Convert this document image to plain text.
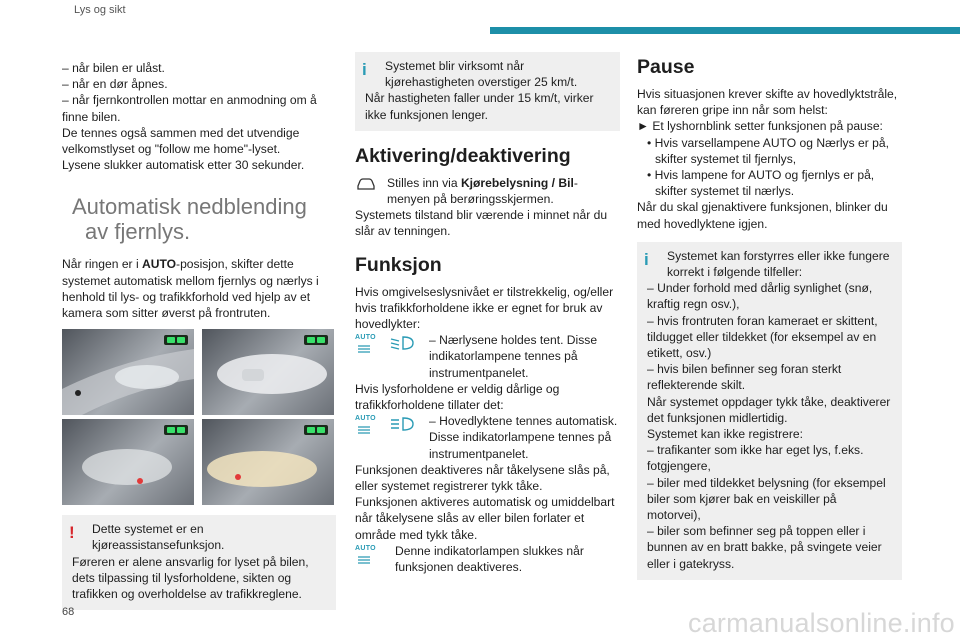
Lys og sikt

– når bilen er ulåst.

– når en dør åpnes.

– når fjernkontrollen mottar en anmodning om å finne bilen.

De tennes også sammen med det utvendige velkomstlyset og "follow me home"-lyset.

Lysene slukker automatisk etter 30 sekunder.

Automatisk nedblending
av fjernlys.

Når ringen er i AUTO-posisjon, skifter dette systemet automatisk mellom fjernlys og nærlys i henhold til lys- og trafikkforhold ved hjelp av et kamera som sitter øverst på frontruten.

!	Dette systemet er en kjøreassistansefunksjon.

Føreren er alene ansvarlig for lyset på bilen, dets tilpassing til lysforholdene, sikten og trafikken og overholdelse av trafikkreglene.

i	Systemet blir virksomt når kjørehastigheten overstiger 25 km/t.

Når hastigheten faller under 15 km/t, virker ikke funksjonen lenger.

Aktivering/deaktivering

Stilles inn via Kjørebelysning / Bil-menyen på berøringsskjermen.

Systemets tilstand blir værende i minnet når du slår av tenningen.

Funksjon

Hvis omgivelseslysnivået er tilstrekkelig, og/eller hvis trafikkforholdene ikke er egnet for bruk av hovedlykter:

AUTO	– Nærlysene holdes tent. Disse indikatorlampene tennes på instrumentpanelet.

Hvis lysforholdene er veldig dårlige og trafikkforholdene tillater det:

AUTO	– Hovedlyktene tennes automatisk. Disse indikatorlampene tennes på instrumentpanelet.

Funksjonen deaktiveres når tåkelysene slås på, eller systemet registrerer tykk tåke.

Funksjonen aktiveres automatisk og umiddelbart når tåkelysene slås av eller bilen forlater et område med tykk tåke.

AUTO	Denne indikatorlampen slukkes når funksjonen deaktiveres.

Pause

Hvis situasjonen krever skifte av hovedlyktstråle, kan føreren gripe inn når som helst:

► Et lyshornblink setter funksjonen på pause:

• Hvis varsellampene AUTO og Nærlys er på, skifter systemet til fjernlys,

• Hvis lampene for AUTO og fjernlys er på, skifter systemet til nærlys.

Når du skal gjenaktivere funksjonen, blinker du med hovedlyktene igjen.

i	Systemet kan forstyrres eller ikke fungere korrekt i følgende tilfeller:

– Under forhold med dårlig synlighet (snø, kraftig regn osv.),

– hvis frontruten foran kameraet er skittent, tildugget eller tildekket (for eksempel av en etikett, osv.)

– hvis bilen befinner seg foran sterkt reflekterende skilt.

Når systemet oppdager tykk tåke, deaktiverer det funksjonen midlertidig.

Systemet kan ikke registrere:

– trafikanter som ikke har eget lys, f.eks. fotgjengere,

– biler med tildekket belysning (for eksempel biler som kjører bak en veiskiller på motorvei),

– biler som befinner seg på toppen eller i bunnen av en bratt bakke, på svingete veier eller i gatekryss.

68	carmanualsonline.info
